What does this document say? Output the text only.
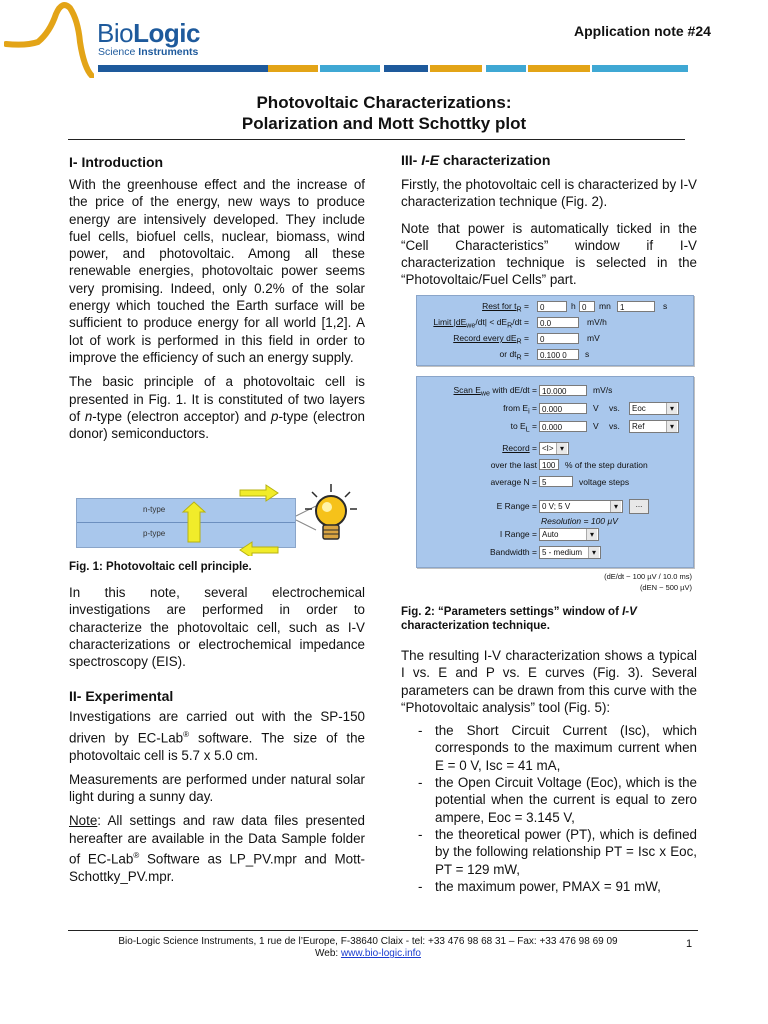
BioLogic
Science Instruments
Application note #24
Photovoltaic Characterizations:
Polarization and Mott Schottky plot
I- Introduction
With the greenhouse effect and the increase of the price of the energy, new ways to produce energy are intensively developed. They include fuel cells, biofuel cells, nuclear, biomass, wind power, and photovoltaic. Among all these renewable energies, photovoltaic power seems very promising. Indeed, only 0.2% of the solar energy which touched the Earth surface will be sufficient to produce energy for all world [1,2]. A lot of work is performed in this field in order to improve the efficiency of such an energy supply.
The basic principle of a photovoltaic cell is presented in Fig. 1. It is constituted of two layers of n-type (electron acceptor) and p-type (electron donor) semiconductors.
n-type
p-type
Fig. 1: Photovoltaic cell principle.
In this note, several electrochemical investigations are performed in order to characterize the photovoltaic cell, such as I-V characterizations or electrochemical impedance spectroscopy (EIS).
II- Experimental
Investigations are carried out with the SP-150 driven by EC-Lab® software. The size of the photovoltaic cell is 5.7 x 5.0 cm.
Measurements are performed under natural solar light during a sunny day.
Note: All settings and raw data files presented hereafter are available in the Data Sample folder of EC-Lab® Software as LP_PV.mpr and Mott-Schottky_PV.mpr.
III- I-E characterization
Firstly, the photovoltaic cell is characterized by I-V characterization technique (Fig. 2).
Note that power is automatically ticked in the “Cell Characteristics” window if I-V characterization technique is selected in the “Photovoltaic/Fuel Cells” part.
Rest for $t_R$ =	0	h 0	mn	1	s
Limit $|dE_{we}/dt| < dE_R/dt$ =	0.0	mV/h
Record every $dE_R$ =	0	mV
or $dt_R$ =	0.100 0	s
Scan $E_{we}$ with dE/dt = 10.000	mV/s
from $E_i = 0.000$	V vs.	Eoc ▾
to $E_L = 0.000$	V vs.	Ref ▾
Record = <I> ▾
over the last 100	% of the step duration
average N = 5	voltage steps
E Range = 0 V; 5 V ▾	...
Resolution = 100 µV
I Range = Auto ▾
Bandwidth = 5 - medium ▾
(dE/dt ~ 100 µV / 10.0 ms)
(dEN ~ 500 µV)
Fig. 2: “Parameters settings” window of I-V characterization technique.
The resulting I-V characterization shows a typical I vs. E and P vs. E curves (Fig. 3). Several parameters can be drawn from this curve with the “Photovoltaic analysis” tool (Fig. 5):
- the Short Circuit Current (Isc), which corresponds to the maximum current when E = 0 V, Isc = 41 mA,
- the Open Circuit Voltage (Eoc), which is the potential when the current is equal to zero ampere, Eoc = 3.145 V,
- the theoretical power (PT), which is defined by the following relationship PT = Isc x Eoc, PT = 129 mW,
- the maximum power, PMAX = 91 mW,
Bio-Logic Science Instruments, 1 rue de l’Europe, F-38640 Claix - tel: +33 476 98 68 31 – Fax: +33 476 98 69 09
Web: www.bio-logic.info
1
